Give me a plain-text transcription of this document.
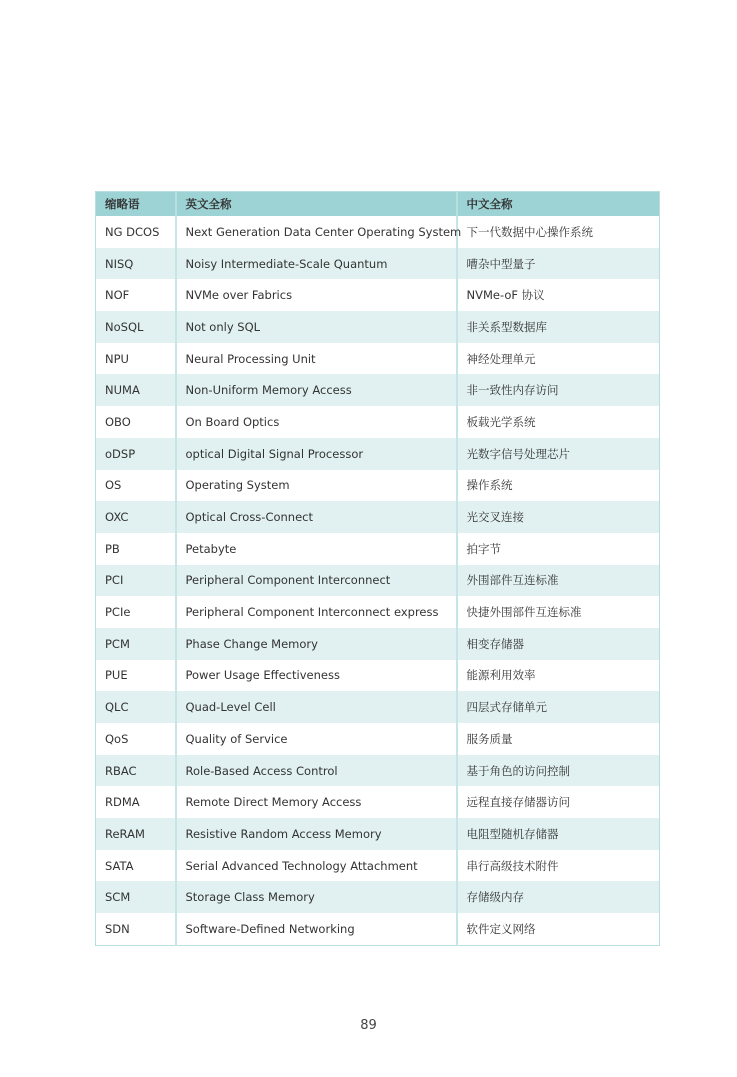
缩略语	英文全称	中文全称
NG DCOS	Next Generation Data Center Operating System	下一代数据中心操作系统
NISQ	Noisy Intermediate-Scale Quantum	嘈杂中型量子
NOF	NVMe over Fabrics	NVMe-oF 协议
NoSQL	Not only SQL	非关系型数据库
NPU	Neural Processing Unit	神经处理单元
NUMA	Non-Uniform Memory Access	非一致性内存访问
OBO	On Board Optics	板载光学系统
oDSP	optical Digital Signal Processor	光数字信号处理芯片
OS	Operating System	操作系统
OXC	Optical Cross-Connect	光交叉连接
PB	Petabyte	拍字节
PCI	Peripheral Component Interconnect	外围部件互连标准
PCIe	Peripheral Component Interconnect express	快捷外围部件互连标准
PCM	Phase Change Memory	相变存储器
PUE	Power Usage Effectiveness	能源利用效率
QLC	Quad-Level Cell	四层式存储单元
QoS	Quality of Service	服务质量
RBAC	Role-Based Access Control	基于角色的访问控制
RDMA	Remote Direct Memory Access	远程直接存储器访问
ReRAM	Resistive Random Access Memory	电阻型随机存储器
SATA	Serial Advanced Technology Attachment	串行高级技术附件
SCM	Storage Class Memory	存储级内存
SDN	Software-Defined Networking	软件定义网络
89
